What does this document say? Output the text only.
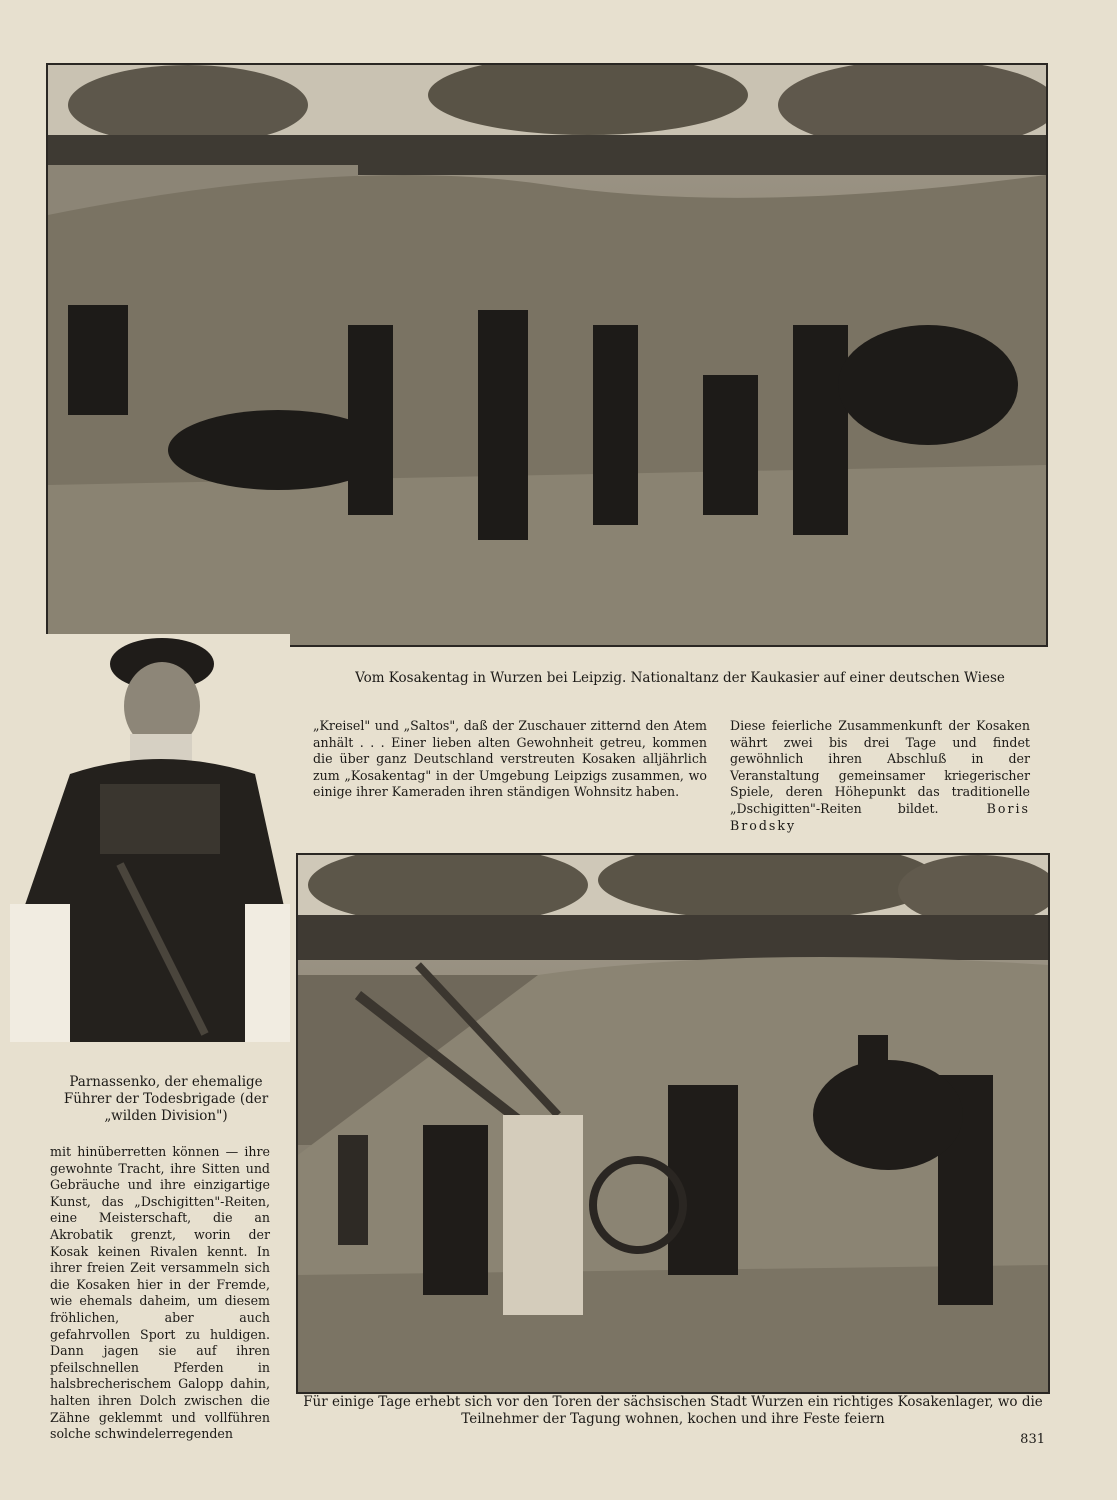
Vom Kosakentag in Wurzen bei Leipzig. Nationaltanz der Kaukasier auf einer deutschen Wiese

Parnassenko, der ehemalige Führer der Todesbrigade (der „wilden Division")

„Kreisel" und „Saltos", daß der Zuschauer zitternd den Atem anhält . . . Einer lieben alten Gewohnheit getreu, kommen die über ganz Deutschland verstreuten Kosaken alljährlich zum „Kosakentag" in der Umgebung Leipzigs zusammen, wo einige ihrer Kameraden ihren ständigen Wohnsitz haben.

Diese feierliche Zusammenkunft der Kosaken währt zwei bis drei Tage und findet gewöhnlich ihren Abschluß in der Veranstaltung gemeinsamer kriegerischer Spiele, deren Höhepunkt das traditionelle „Dschigitten"-Reiten bildet.	Boris Brodsky

mit hinüberretten können — ihre gewohnte Tracht, ihre Sitten und Gebräuche und ihre einzigartige Kunst, das „Dschigitten"-Reiten, eine Meisterschaft, die an Akrobatik grenzt, worin der Kosak keinen Rivalen kennt. In ihrer freien Zeit versammeln sich die Kosaken hier in der Fremde, wie ehemals daheim, um diesem fröhlichen, aber auch gefahrvollen Sport zu huldigen. Dann jagen sie auf ihren pfeilschnellen Pferden in halsbrecherischem Galopp dahin, halten ihren Dolch zwischen die Zähne geklemmt und vollführen solche schwindelerregenden

Für einige Tage erhebt sich vor den Toren der sächsischen Stadt Wurzen ein richtiges Kosakenlager, wo die Teilnehmer der Tagung wohnen, kochen und ihre Feste feiern

831
